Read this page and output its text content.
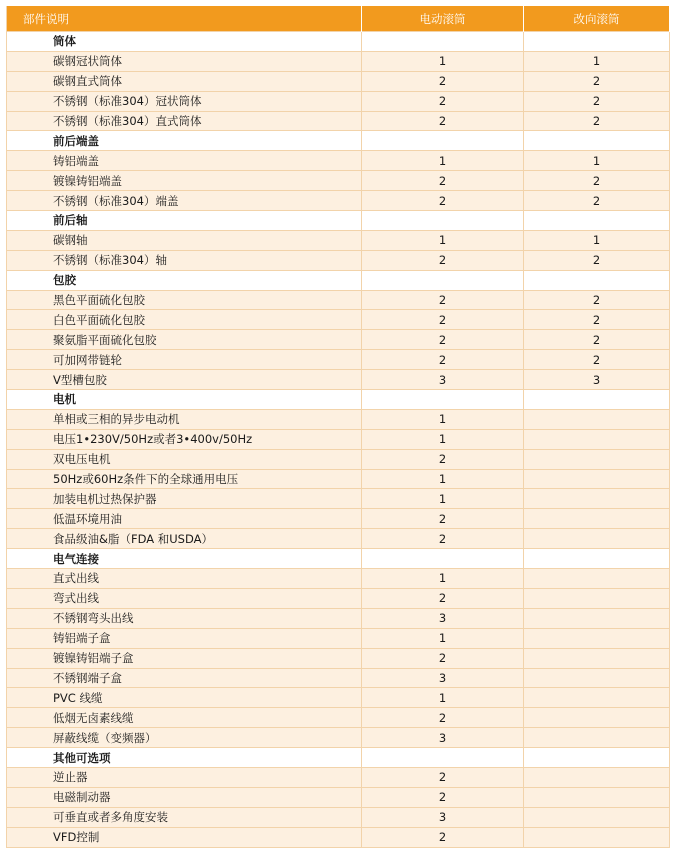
部件说明	电动滚筒	改向滚筒
筒体		
碳钢冠状筒体	1	1
碳钢直式筒体	2	2
不锈钢（标准304）冠状筒体	2	2
不锈钢（标准304）直式筒体	2	2
前后端盖		
铸铝端盖	1	1
镀镍铸铝端盖	2	2
不锈钢（标准304）端盖	2	2
前后轴		
碳钢轴	1	1
不锈钢（标准304）轴	2	2
包胶		
黑色平面硫化包胶	2	2
白色平面硫化包胶	2	2
聚氨脂平面硫化包胶	2	2
可加网带链轮	2	2
V型槽包胶	3	3
电机		
单相或三相的异步电动机	1	
电压1•230V/50Hz或者3•400v/50Hz	1	
双电压电机	2	
50Hz或60Hz条件下的全球通用电压	1	
加装电机过热保护器	1	
低温环境用油	2	
食品级油&脂（FDA 和USDA）	2	
电气连接		
直式出线	1	
弯式出线	2	
不锈钢弯头出线	3	
铸铝端子盒	1	
镀镍铸铝端子盒	2	
不锈钢端子盒	3	
PVC 线缆	1	
低烟无卤素线缆	2	
屏蔽线缆（变频器）	3	
其他可选项		
逆止器	2	
电磁制动器	2	
可垂直或者多角度安装	3	
VFD控制	2	
